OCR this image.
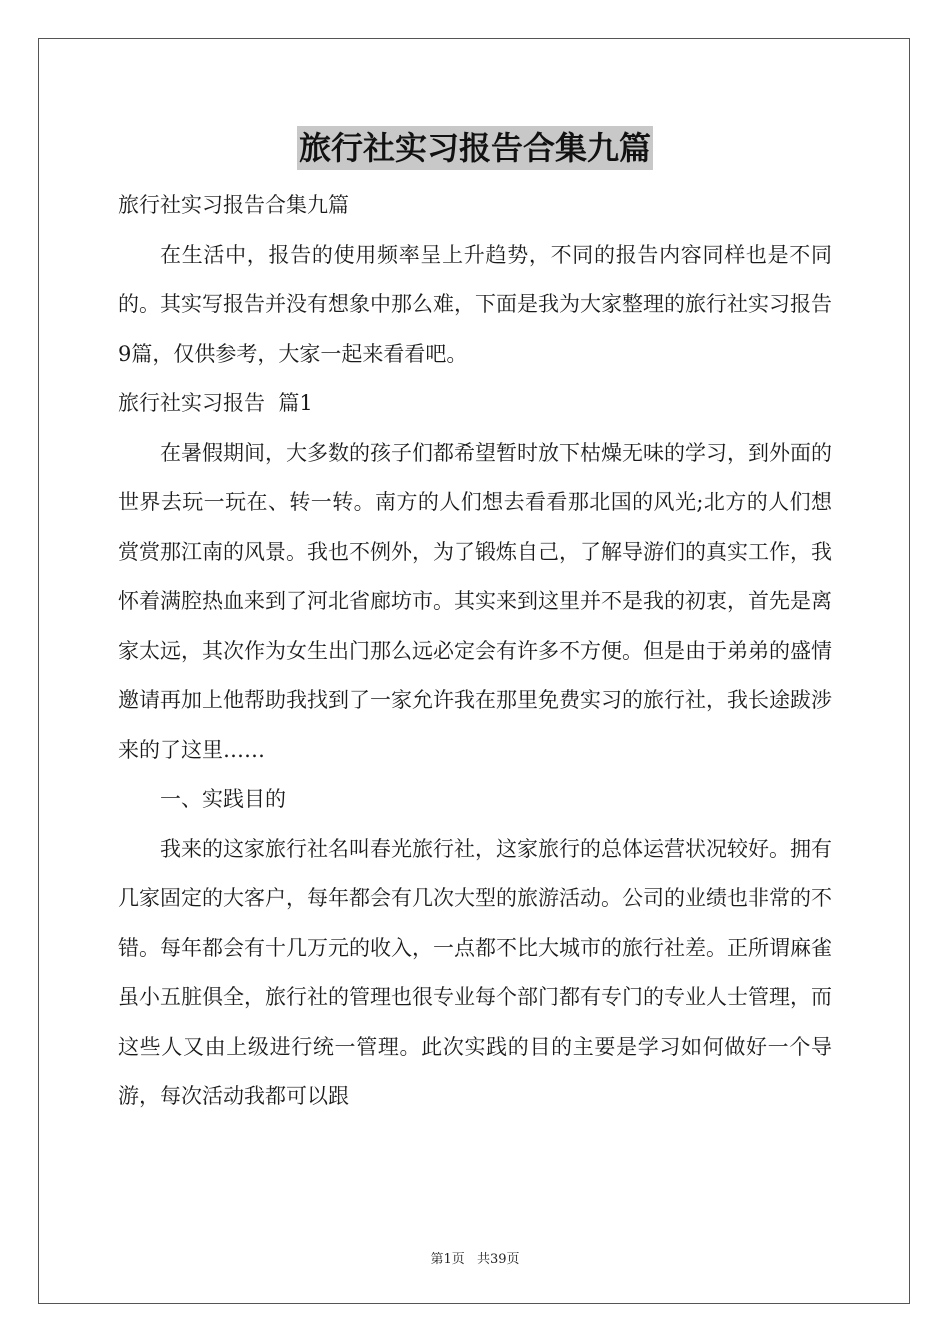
旅行社实习报告合集九篇

旅行社实习报告合集九篇

在生活中，报告的使用频率呈上升趋势，不同的报告内容同样也是不同的。其实写报告并没有想象中那么难，下面是我为大家整理的旅行社实习报告9篇，仅供参考，大家一起来看看吧。

旅行社实习报告  篇1

在暑假期间，大多数的孩子们都希望暂时放下枯燥无味的学习，到外面的世界去玩一玩在、转一转。南方的人们想去看看那北国的风光;北方的人们想赏赏那江南的风景。我也不例外，为了锻炼自己，了解导游们的真实工作，我怀着满腔热血来到了河北省廊坊市。其实来到这里并不是我的初衷，首先是离家太远，其次作为女生出门那么远必定会有许多不方便。但是由于弟弟的盛情邀请再加上他帮助我找到了一家允许我在那里免费实习的旅行社，我长途跋涉来的了这里……

一、实践目的

我来的这家旅行社名叫春光旅行社，这家旅行的总体运营状况较好。拥有几家固定的大客户，每年都会有几次大型的旅游活动。公司的业绩也非常的不错。每年都会有十几万元的收入，一点都不比大城市的旅行社差。正所谓麻雀虽小五脏俱全，旅行社的管理也很专业每个部门都有专门的专业人士管理，而这些人又由上级进行统一管理。此次实践的目的主要是学习如何做好一个导游，每次活动我都可以跟

第1页 共39页
